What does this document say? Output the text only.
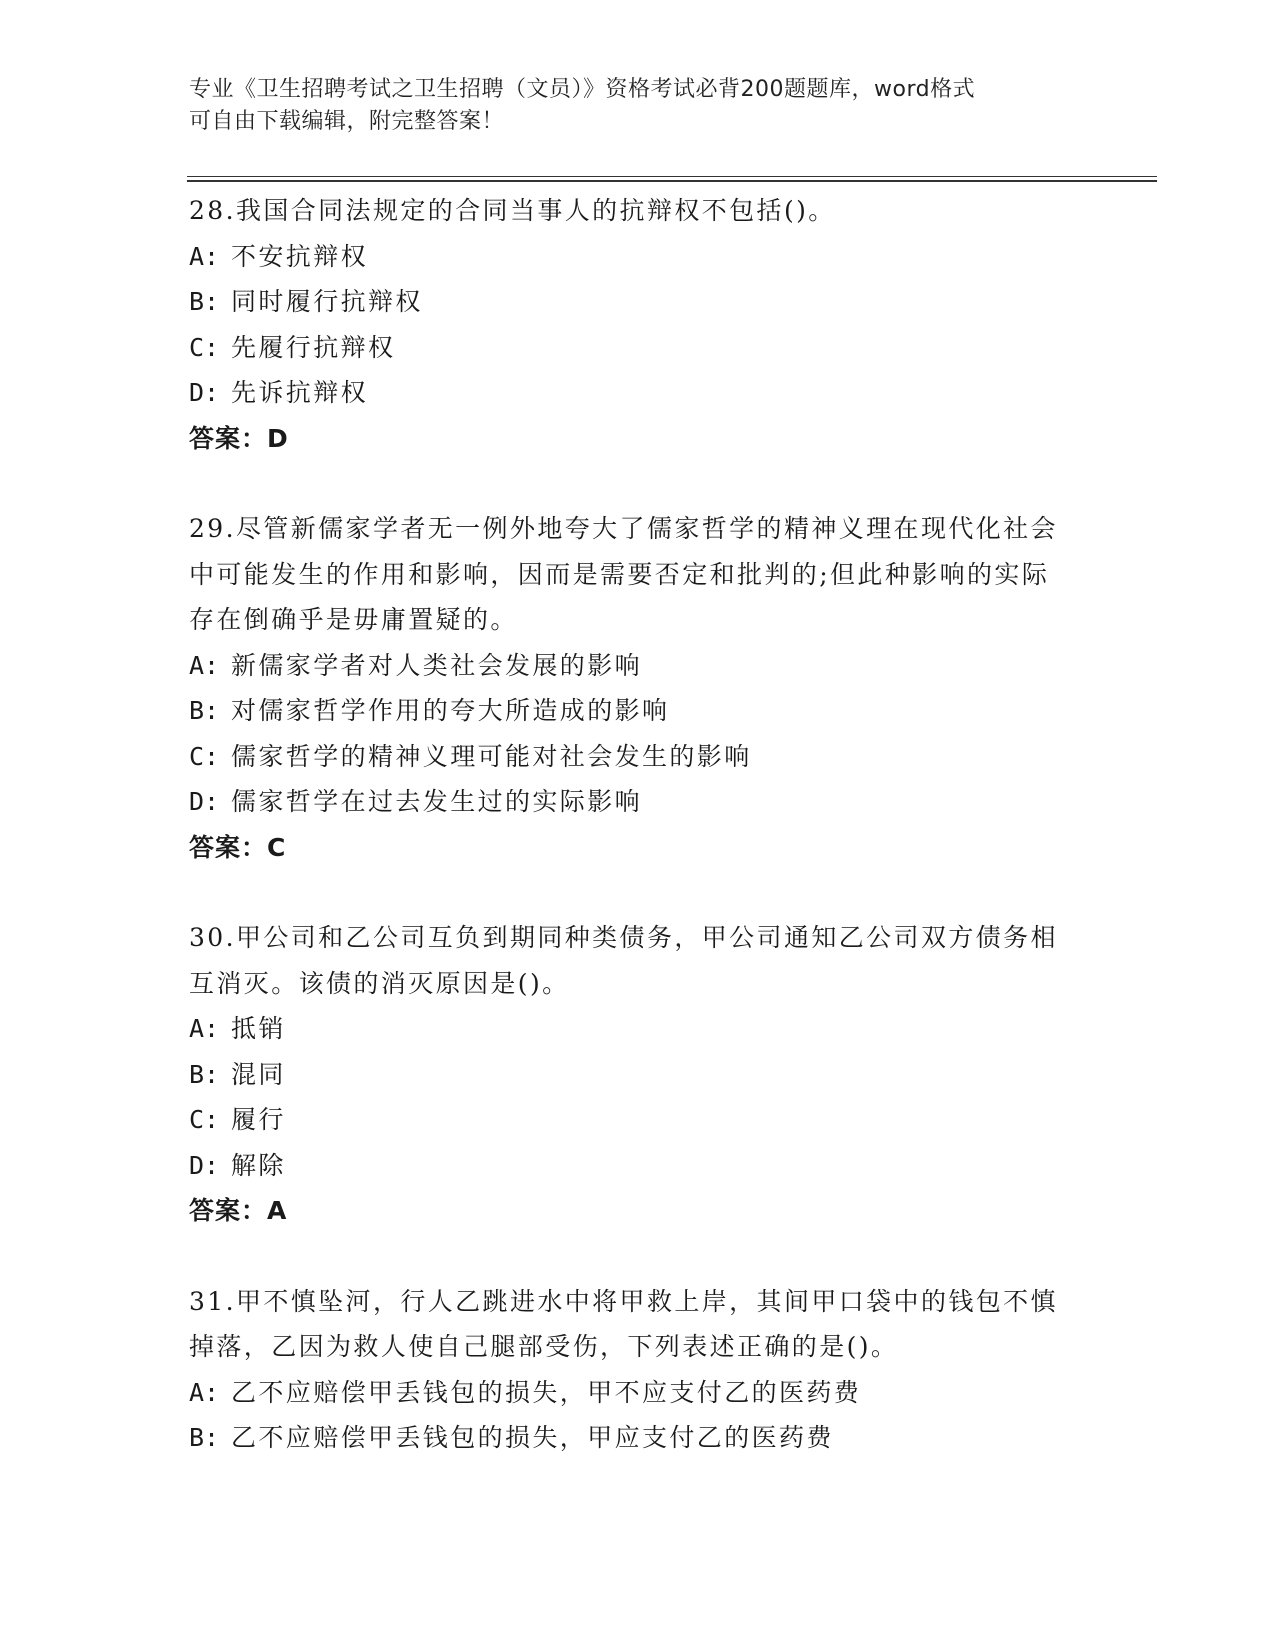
专业《卫生招聘考试之卫生招聘（文员）》资格考试必背200题题库，word格式
可自由下载编辑，附完整答案！

28.我国合同法规定的合同当事人的抗辩权不包括()。

A: 不安抗辩权

B: 同时履行抗辩权

C: 先履行抗辩权

D: 先诉抗辩权

答案：D

29.尽管新儒家学者无一例外地夸大了儒家哲学的精神义理在现代化社会中可能发生的作用和影响，因而是需要否定和批判的;但此种影响的实际存在倒确乎是毋庸置疑的。

A: 新儒家学者对人类社会发展的影响

B: 对儒家哲学作用的夸大所造成的影响

C: 儒家哲学的精神义理可能对社会发生的影响

D: 儒家哲学在过去发生过的实际影响

答案：C

30.甲公司和乙公司互负到期同种类债务，甲公司通知乙公司双方债务相互消灭。该债的消灭原因是()。

A: 抵销

B: 混同

C: 履行

D: 解除

答案：A

31.甲不慎坠河，行人乙跳进水中将甲救上岸，其间甲口袋中的钱包不慎掉落，乙因为救人使自己腿部受伤，下列表述正确的是()。

A: 乙不应赔偿甲丢钱包的损失，甲不应支付乙的医药费

B: 乙不应赔偿甲丢钱包的损失，甲应支付乙的医药费
